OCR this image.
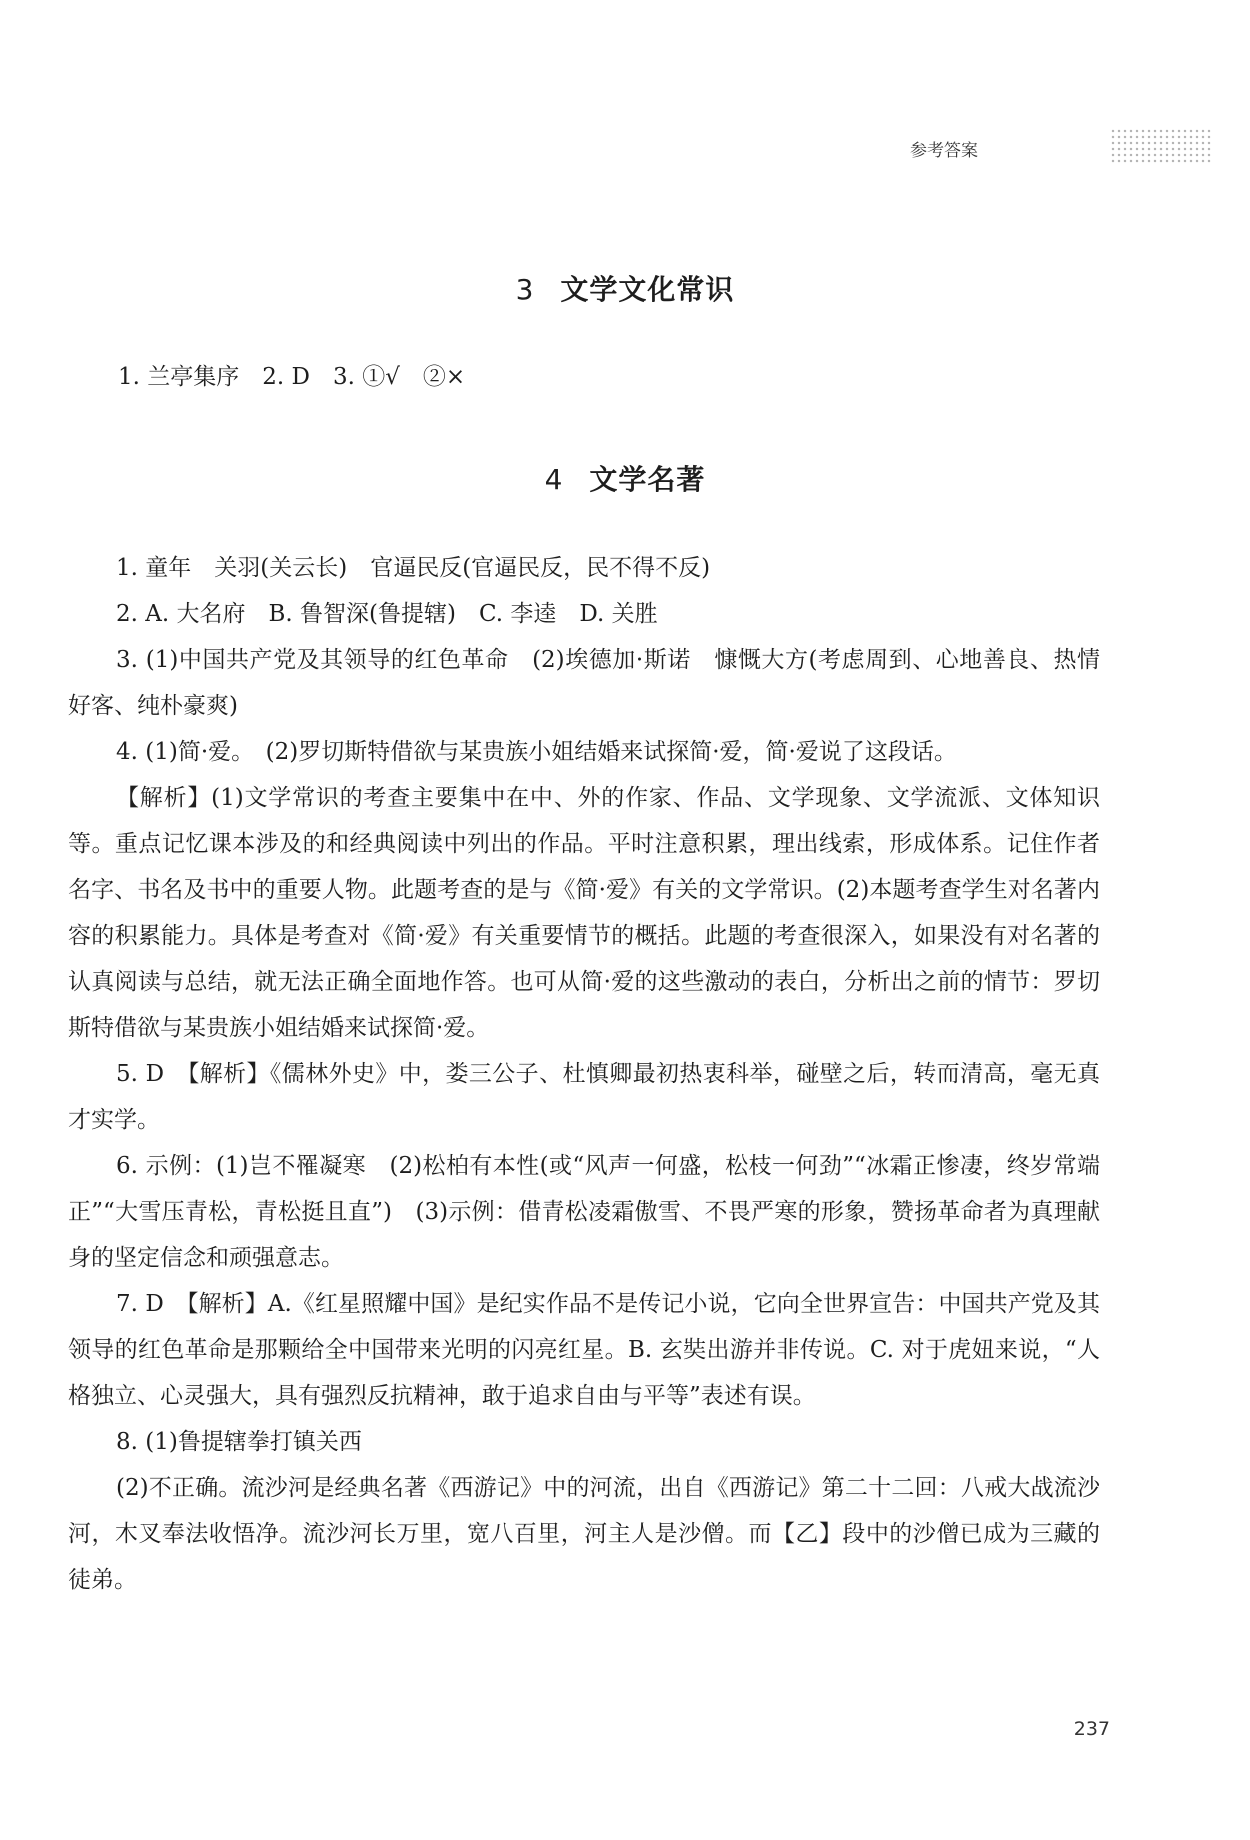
参考答案
3 文学文化常识
1. 兰亭集序　2. D　3. ①√　②×
4 文学名著

1. 童年　关羽(关云长)　官逼民反(官逼民反，民不得不反)

2. A. 大名府　B. 鲁智深(鲁提辖)　C. 李逵　D. 关胜

3. (1)中国共产党及其领导的红色革命　(2)埃德加·斯诺　慷慨大方(考虑周到、心地善良、热情好客、纯朴豪爽)

4. (1)简·爱。　(2)罗切斯特借欲与某贵族小姐结婚来试探简·爱，简·爱说了这段话。

【解析】(1)文学常识的考查主要集中在中、外的作家、作品、文学现象、文学流派、文体知识等。重点记忆课本涉及的和经典阅读中列出的作品。平时注意积累，理出线索，形成体系。记住作者名字、书名及书中的重要人物。此题考查的是与《简·爱》有关的文学常识。(2)本题考查学生对名著内容的积累能力。具体是考查对《简·爱》有关重要情节的概括。此题的考查很深入，如果没有对名著的认真阅读与总结，就无法正确全面地作答。也可从简·爱的这些激动的表白，分析出之前的情节：罗切斯特借欲与某贵族小姐结婚来试探简·爱。

5. D　【解析】《儒林外史》中，娄三公子、杜慎卿最初热衷科举，碰壁之后，转而清高，毫无真才实学。

6. 示例：(1)岂不罹凝寒　(2)松柏有本性(或“风声一何盛，松枝一何劲”“冰霜正惨凄，终岁常端正”“大雪压青松，青松挺且直”)　(3)示例：借青松凌霜傲雪、不畏严寒的形象，赞扬革命者为真理献身的坚定信念和顽强意志。

7. D　【解析】A.《红星照耀中国》是纪实作品不是传记小说，它向全世界宣告：中国共产党及其领导的红色革命是那颗给全中国带来光明的闪亮红星。B. 玄奘出游并非传说。C. 对于虎妞来说，“人格独立、心灵强大，具有强烈反抗精神，敢于追求自由与平等”表述有误。

8. (1)鲁提辖拳打镇关西

(2)不正确。流沙河是经典名著《西游记》中的河流，出自《西游记》第二十二回：八戒大战流沙河，木叉奉法收悟净。流沙河长万里，宽八百里，河主人是沙僧。而【乙】段中的沙僧已成为三藏的徒弟。

237
